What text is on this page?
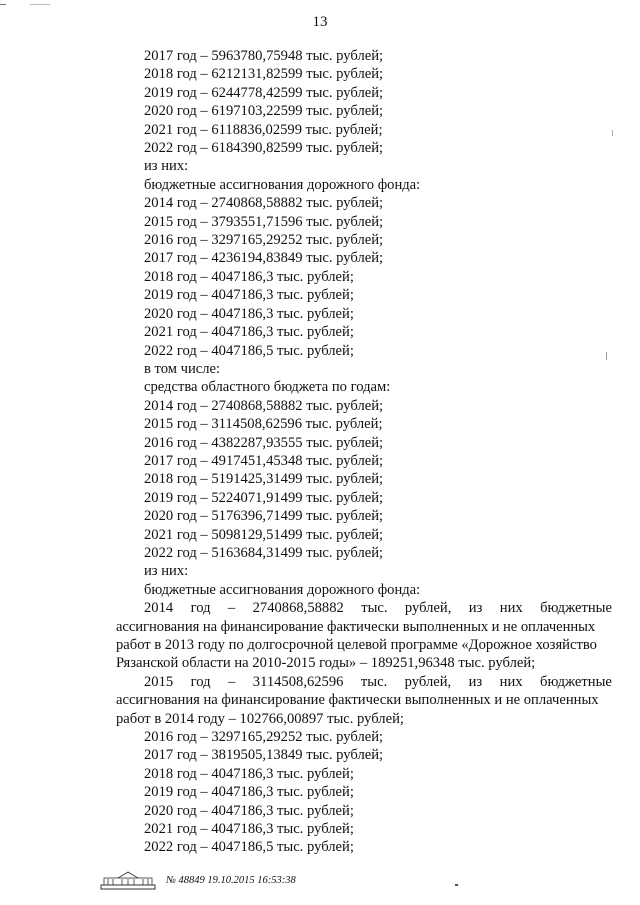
13
2017 год – 5963780,75948 тыс. рублей;
2018 год – 6212131,82599 тыс. рублей;
2019 год – 6244778,42599 тыс. рублей;
2020 год – 6197103,22599 тыс. рублей;
2021 год – 6118836,02599 тыс. рублей;
2022 год – 6184390,82599 тыс. рублей;
из них:
бюджетные ассигнования дорожного фонда:
2014 год – 2740868,58882 тыс. рублей;
2015 год – 3793551,71596 тыс. рублей;
2016 год – 3297165,29252 тыс. рублей;
2017 год – 4236194,83849 тыс. рублей;
2018 год – 4047186,3 тыс. рублей;
2019 год – 4047186,3 тыс. рублей;
2020 год – 4047186,3 тыс. рублей;
2021 год – 4047186,3 тыс. рублей;
2022 год – 4047186,5 тыс. рублей;
в том числе:
средства областного бюджета по годам:
2014 год – 2740868,58882 тыс. рублей;
2015 год – 3114508,62596 тыс. рублей;
2016 год – 4382287,93555 тыс. рублей;
2017 год – 4917451,45348 тыс. рублей;
2018 год – 5191425,31499 тыс. рублей;
2019 год – 5224071,91499 тыс. рублей;
2020 год – 5176396,71499 тыс. рублей;
2021 год – 5098129,51499 тыс. рублей;
2022 год – 5163684,31499 тыс. рублей;
из них:
бюджетные ассигнования дорожного фонда:
2014 год – 2740868,58882 тыс. рублей, из них бюджетные
ассигнования на финансирование фактически выполненных и не оплаченных
работ в 2013 году по долгосрочной целевой программе «Дорожное хозяйство
Рязанской области на 2010-2015 годы» – 189251,96348 тыс. рублей;
2015 год – 3114508,62596 тыс. рублей, из них бюджетные
ассигнования на финансирование фактически выполненных и не оплаченных
работ в 2014 году – 102766,00897 тыс. рублей;
2016 год – 3297165,29252 тыс. рублей;
2017 год – 3819505,13849 тыс. рублей;
2018 год – 4047186,3 тыс. рублей;
2019 год – 4047186,3 тыс. рублей;
2020 год – 4047186,3 тыс. рублей;
2021 год – 4047186,3 тыс. рублей;
2022 год – 4047186,5 тыс. рублей;
№ 48849 19.10.2015 16:53:38
